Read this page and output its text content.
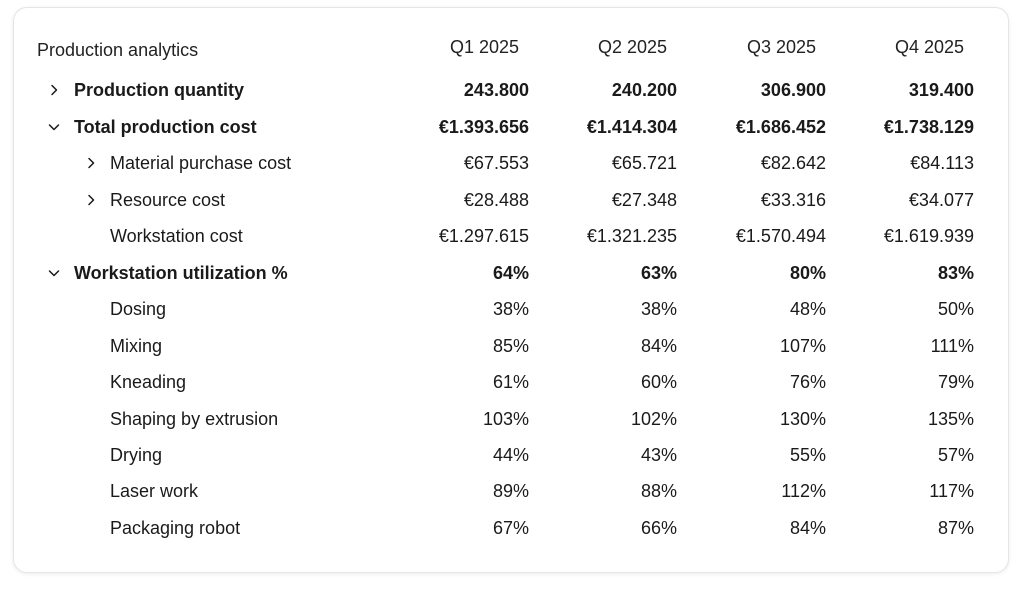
Production analytics	Q1 2025	Q2 2025	Q3 2025	Q4 2025
Production quantity	243.800	240.200	306.900	319.400
Total production cost	€1.393.656	€1.414.304	€1.686.452	€1.738.129
Material purchase cost	€67.553	€65.721	€82.642	€84.113
Resource cost	€28.488	€27.348	€33.316	€34.077
Workstation cost	€1.297.615	€1.321.235	€1.570.494	€1.619.939
Workstation utilization %	64%	63%	80%	83%
Dosing	38%	38%	48%	50%
Mixing	85%	84%	107%	111%
Kneading	61%	60%	76%	79%
Shaping by extrusion	103%	102%	130%	135%
Drying	44%	43%	55%	57%
Laser work	89%	88%	112%	117%
Packaging robot	67%	66%	84%	87%
